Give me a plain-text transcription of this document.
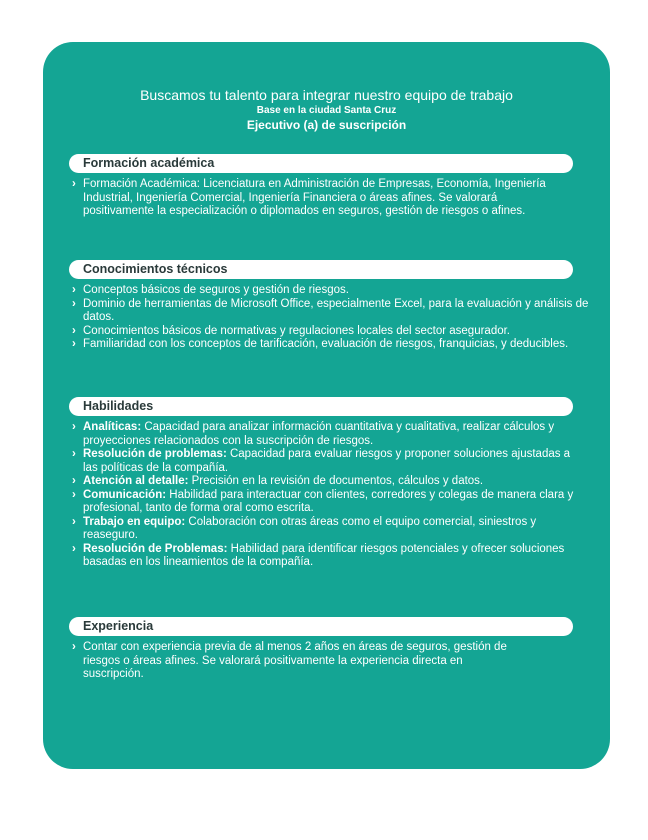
Buscamos tu talento para integrar nuestro equipo de trabajo
Base en la ciudad Santa Cruz
Ejecutivo (a) de suscripción
Formación académica
› Formación Académica: Licenciatura en Administración de Empresas, Economía, Ingeniería Industrial, Ingeniería Comercial, Ingeniería Financiera o áreas afines. Se valorará positivamente la especialización o diplomados en seguros, gestión de riesgos o afines.
Conocimientos técnicos
› Conceptos básicos de seguros y gestión de riesgos.
› Dominio de herramientas de Microsoft Office, especialmente Excel, para la evaluación y análisis de datos.
› Conocimientos básicos de normativas y regulaciones locales del sector asegurador.
› Familiaridad con los conceptos de tarificación, evaluación de riesgos, franquicias, y deducibles.
Habilidades
› Analíticas: Capacidad para analizar información cuantitativa y cualitativa, realizar cálculos y proyecciones relacionados con la suscripción de riesgos.
› Resolución de problemas: Capacidad para evaluar riesgos y proponer soluciones ajustadas a las políticas de la compañía.
› Atención al detalle: Precisión en la revisión de documentos, cálculos y datos.
› Comunicación: Habilidad para interactuar con clientes, corredores y colegas de manera clara y profesional, tanto de forma oral como escrita.
› Trabajo en equipo: Colaboración con otras áreas como el equipo comercial, siniestros y reaseguro.
› Resolución de Problemas: Habilidad para identificar riesgos potenciales y ofrecer soluciones basadas en los lineamientos de la compañía.
Experiencia
› Contar con experiencia previa de al menos 2 años en áreas de seguros, gestión de riesgos o áreas afines. Se valorará positivamente la experiencia directa en suscripción.
